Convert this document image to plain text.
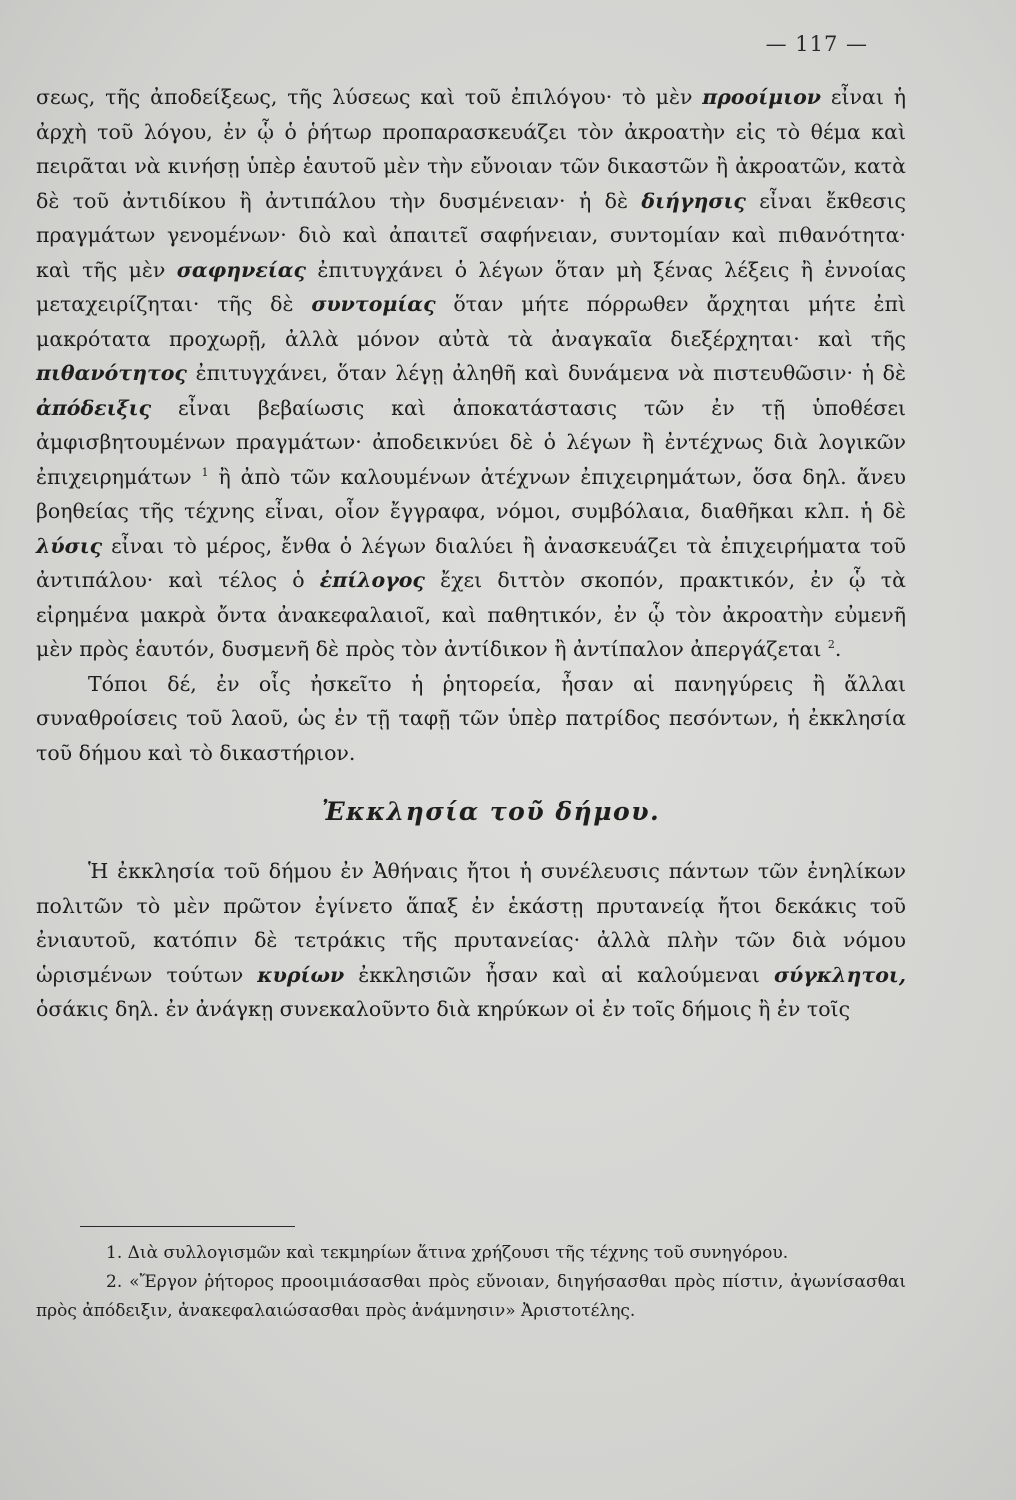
— 117 —

σεως, τῆς ἀποδείξεως, τῆς λύσεως καὶ τοῦ ἐπιλόγου· τὸ μὲν προοίμιον εἶναι ἡ ἀρχὴ τοῦ λόγου, ἐν ᾧ ὁ ῥήτωρ προπαρασκευάζει τὸν ἀκροατὴν εἰς τὸ θέμα καὶ πειρᾶται νὰ κινήσῃ ὑπὲρ ἑαυτοῦ μὲν τὴν εὔνοιαν τῶν δικαστῶν ἢ ἀκροατῶν, κατὰ δὲ τοῦ ἀντιδίκου ἢ ἀντιπάλου τὴν δυσμένειαν· ἡ δὲ διήγησις εἶναι ἔκθεσις πραγμάτων γενομένων· διὸ καὶ ἀπαιτεῖ σαφήνειαν, συντομίαν καὶ πιθανότητα· καὶ τῆς μὲν σαφηνείας ἐπιτυγχάνει ὁ λέγων ὅταν μὴ ξένας λέξεις ἢ ἐννοίας μεταχειρίζηται· τῆς δὲ συντομίας ὅταν μήτε πόρρωθεν ἄρχηται μήτε ἐπὶ μακρότατα προχωρῇ, ἀλλὰ μόνον αὐτὰ τὰ ἀναγκαῖα διεξέρχηται· καὶ τῆς πιθανότητος ἐπιτυγχάνει, ὅταν λέγῃ ἀληθῆ καὶ δυνάμενα νὰ πιστευθῶσιν· ἡ δὲ ἀπόδειξις εἶναι βεβαίωσις καὶ ἀποκατάστασις τῶν ἐν τῇ ὑποθέσει ἀμφισβητουμένων πραγμάτων· ἀποδεικνύει δὲ ὁ λέγων ἢ ἐντέχνως διὰ λογικῶν ἐπιχειρημάτων $^1$ ἢ ἀπὸ τῶν καλουμένων ἀτέχνων ἐπιχειρημάτων, ὅσα δηλ. ἄνευ βοηθείας τῆς τέχνης εἶναι, οἷον ἔγγραφα, νόμοι, συμβόλαια, διαθῆκαι κλπ. ἡ δὲ λύσις εἶναι τὸ μέρος, ἔνθα ὁ λέγων διαλύει ἢ ἀνασκευάζει τὰ ἐπιχειρήματα τοῦ ἀντιπάλου· καὶ τέλος ὁ ἐπίλογος ἔχει διττὸν σκοπόν, πρακτικόν, ἐν ᾧ τὰ εἰρημένα μακρὰ ὄντα ἀνακεφαλαιοῖ, καὶ παθητικόν, ἐν ᾧ τὸν ἀκροατὴν εὐμενῆ μὲν πρὸς ἑαυτόν, δυσμενῆ δὲ πρὸς τὸν ἀντίδικον ἢ ἀντίπαλον ἀπεργάζεται $^2$.

Τόποι δέ, ἐν οἷς ἠσκεῖτο ἡ ῥητορεία, ἦσαν αἱ πανηγύρεις ἢ ἄλλαι συναθροίσεις τοῦ λαοῦ, ὡς ἐν τῇ ταφῇ τῶν ὑπὲρ πατρίδος πεσόντων, ἡ ἐκκλησία τοῦ δήμου καὶ τὸ δικαστήριον.

Ἐκκλησία τοῦ δήμου.

Ἡ ἐκκλησία τοῦ δήμου ἐν Ἀθήναις ἤτοι ἡ συνέλευσις πάντων τῶν ἐνηλίκων πολιτῶν τὸ μὲν πρῶτον ἐγίνετο ἅπαξ ἐν ἑκάστῃ πρυτανείᾳ ἤτοι δεκάκις τοῦ ἐνιαυτοῦ, κατόπιν δὲ τετράκις τῆς πρυτανείας· ἀλλὰ πλὴν τῶν διὰ νόμου ὡρισμένων τούτων κυρίων ἐκκλησιῶν ἦσαν καὶ αἱ καλούμεναι σύγκλητοι, ὁσάκις δηλ. ἐν ἀνάγκῃ συνεκαλοῦντο διὰ κηρύκων οἱ ἐν τοῖς δήμοις ἢ ἐν τοῖς

1. Διὰ συλλογισμῶν καὶ τεκμηρίων ἅτινα χρήζουσι τῆς τέχνης τοῦ συνηγόρου.

2. «Ἔργον ῥήτορος προοιμιάσασθαι πρὸς εὔνοιαν, διηγήσασθαι πρὸς πίστιν, ἀγωνίσασθαι πρὸς ἀπόδειξιν, ἀνακεφαλαιώσασθαι πρὸς ἀνάμνησιν» Ἀριστοτέλης.
